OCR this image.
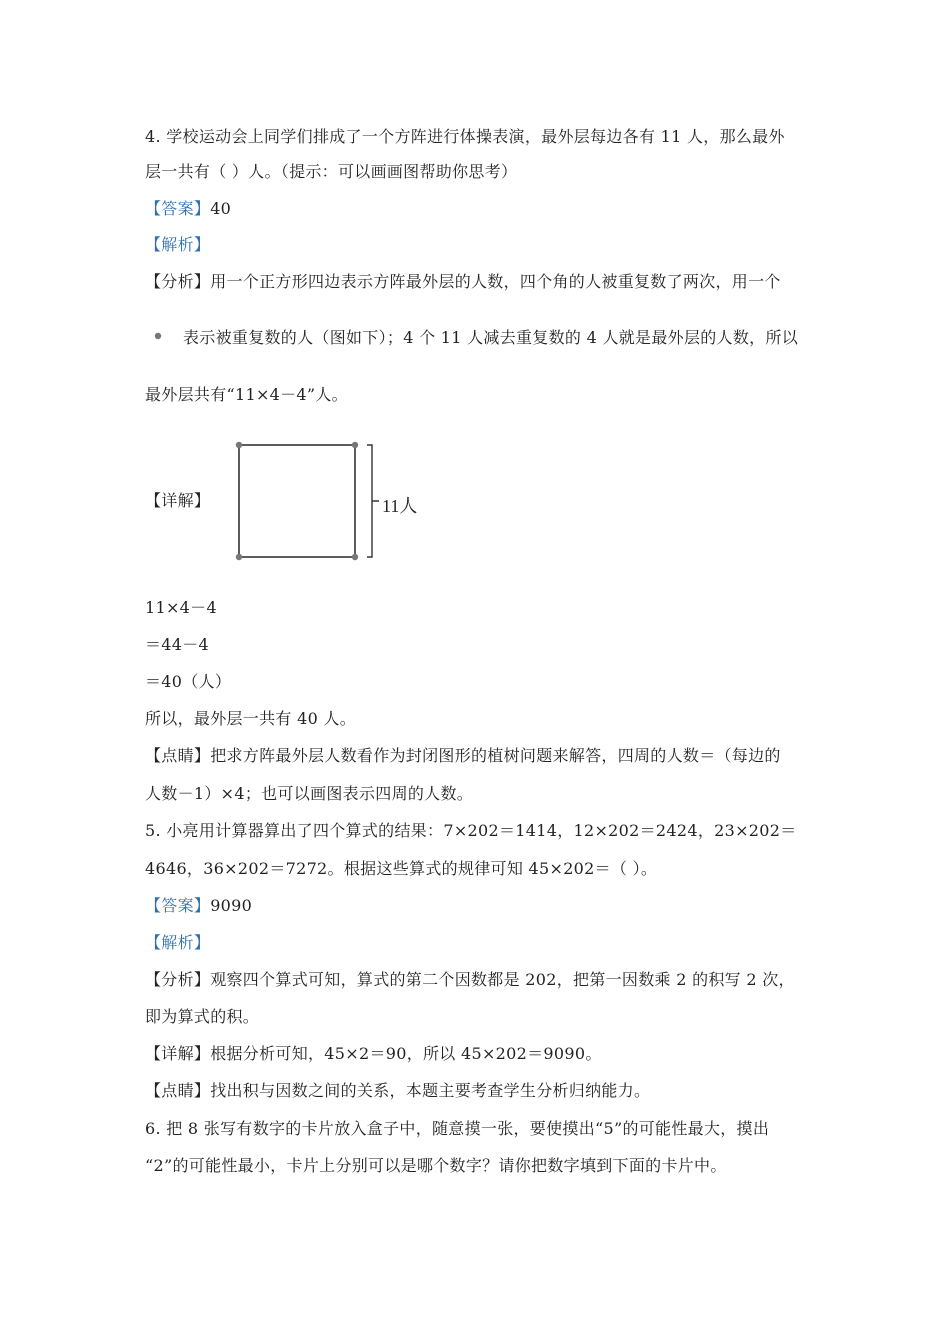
4. 学校运动会上同学们排成了一个方阵进行体操表演，最外层每边各有 11 人，那么最外
层一共有（ ）人。（提示：可以画画图帮助你思考）
【答案】40
【解析】
【分析】用一个正方形四边表示方阵最外层的人数，四个角的人被重复数了两次，用一个
表示被重复数的人（图如下）；4 个 11 人减去重复数的 4 人就是最外层的人数，所以
最外层共有“11×4－4”人。
【详解】	11人
11×4－4
＝44－4
＝40（人）
所以，最外层一共有 40 人。
【点睛】把求方阵最外层人数看作为封闭图形的植树问题来解答，四周的人数＝（每边的
人数－1）×4；也可以画图表示四周的人数。
5. 小亮用计算器算出了四个算式的结果：7×202＝1414，12×202＝2424，23×202＝
4646，36×202＝7272。根据这些算式的规律可知 45×202＝（ ）。
【答案】9090
【解析】
【分析】观察四个算式可知，算式的第二个因数都是 202，把第一因数乘 2 的积写 2 次，
即为算式的积。
【详解】根据分析可知，45×2＝90，所以 45×202＝9090。
【点睛】找出积与因数之间的关系，本题主要考查学生分析归纳能力。
6. 把 8 张写有数字的卡片放入盒子中，随意摸一张，要使摸出“5”的可能性最大，摸出
“2”的可能性最小，卡片上分别可以是哪个数字？请你把数字填到下面的卡片中。
